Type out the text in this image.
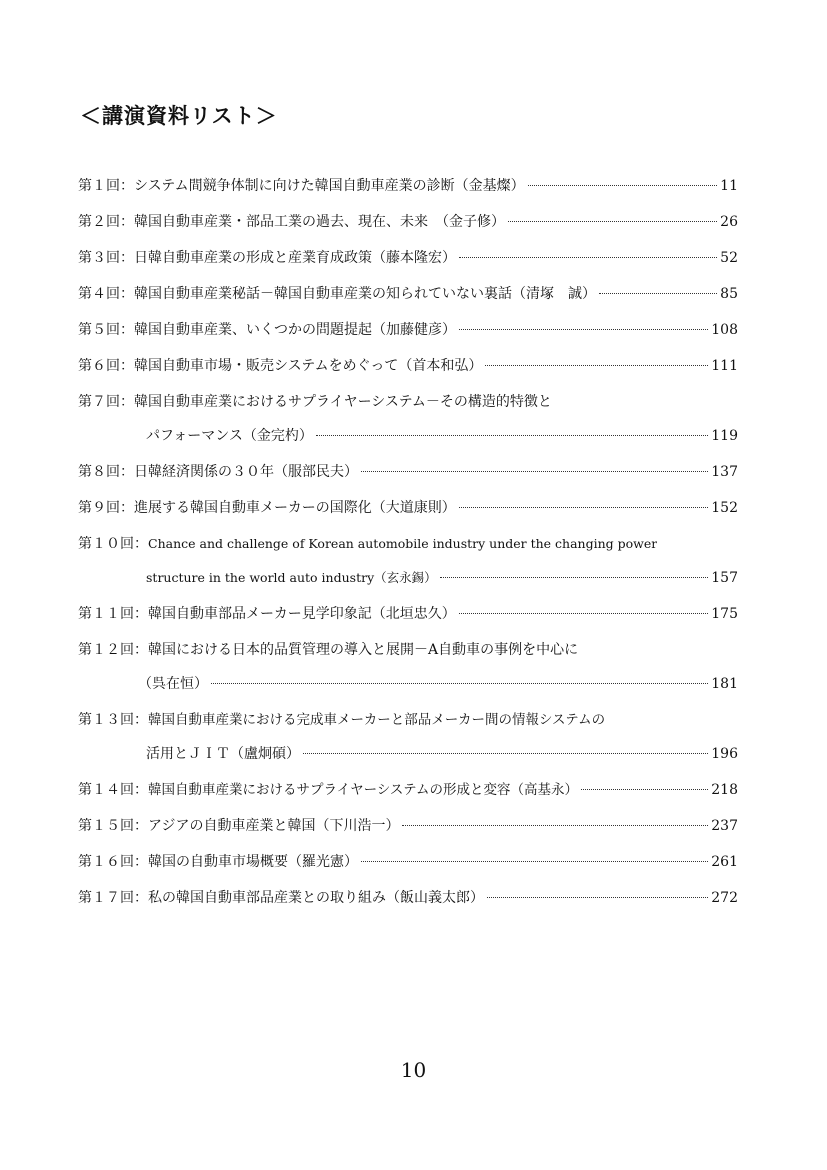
＜講演資料リスト＞
第１回： システム間競争体制に向けた韓国自動車産業の診断（金基燦）	11
第２回： 韓国自動車産業・部品工業の過去、現在、未来　（金子修）	26
第３回： 日韓自動車産業の形成と産業育成政策（藤本隆宏）	52
第４回： 韓国自動車産業秘話－韓国自動車産業の知られていない裏話（清塚　誠）	85
第５回： 韓国自動車産業、いくつかの問題提起（加藤健彦）	108
第６回： 韓国自動車市場・販売システムをめぐって（首本和弘）	111
第７回： 韓国自動車産業におけるサプライヤーシステム－その構造的特徴と
パフォーマンス（金完杓）	119
第８回： 日韓経済関係の３０年（服部民夫）	137
第９回： 進展する韓国自動車メーカーの国際化（大道康則）	152
第１０回： Chance and challenge of Korean automobile industry under the changing power
structure in the world auto industry（玄永錫）	157
第１１回： 韓国自動車部品メーカー見学印象記（北垣忠久）	175
第１２回： 韓国における日本的品質管理の導入と展開－A自動車の事例を中心に
（呉在恒）	181
第１３回： 韓国自動車産業における完成車メーカーと部品メーカー間の情報システムの
活用とＪＩＴ（盧炯碩）	196
第１４回： 韓国自動車産業におけるサプライヤーシステムの形成と変容（高基永）	218
第１５回： アジアの自動車産業と韓国（下川浩一）	237
第１６回： 韓国の自動車市場概要（羅光憲）	261
第１７回： 私の韓国自動車部品産業との取り組み（飯山義太郎）	272
10
